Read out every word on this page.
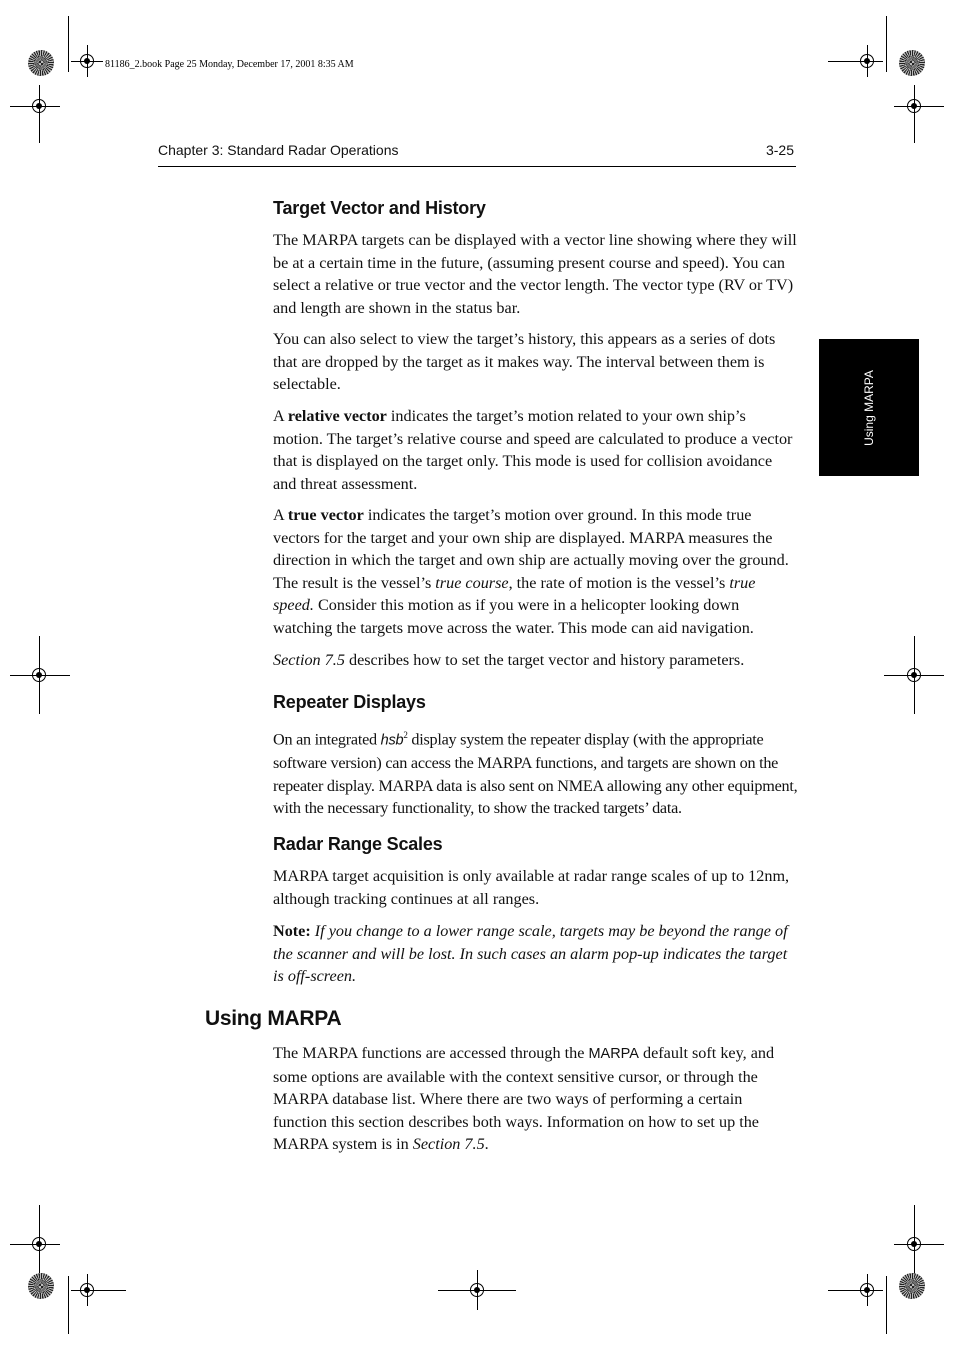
81186_2.book Page 25 Monday, December 17, 2001 8:35 AM
Chapter 3: Standard Radar Operations	3-25
Using MARPA
Target Vector and History

The MARPA targets can be displayed with a vector line showing where they will be at a certain time in the future, (assuming present course and speed). You can select a relative or true vector and the vector length. The vector type (RV or TV) and length are shown in the status bar.

You can also select to view the target’s history, this appears as a series of dots that are dropped by the target as it makes way. The interval between them is selectable.

A relative vector indicates the target’s motion related to your own ship’s motion. The target’s relative course and speed are calculated to produce a vector that is displayed on the target only. This mode is used for collision avoidance and threat assessment.

A true vector indicates the target’s motion over ground. In this mode true vectors for the target and your own ship are displayed. MARPA measures the direction in which the target and own ship are actually moving over the ground. The result is the vessel’s true course, the rate of motion is the vessel’s true speed. Consider this motion as if you were in a helicopter looking down watching the targets move across the water. This mode can aid navigation.

Section 7.5 describes how to set the target vector and history parameters.

Repeater Displays

On an integrated hsb$^2$ display system the repeater display (with the appropriate software version) can access the MARPA functions, and targets are shown on the repeater display. MARPA data is also sent on NMEA allowing any other equipment, with the necessary functionality, to show the tracked targets’ data.

Radar Range Scales

MARPA target acquisition is only available at radar range scales of up to 12nm, although tracking continues at all ranges.

Note: If you change to a lower range scale, targets may be beyond the range of the scanner and will be lost. In such cases an alarm pop-up indicates the target is off-screen.

Using MARPA

The MARPA functions are accessed through the MARPA default soft key, and some options are available with the context sensitive cursor, or through the MARPA database list. Where there are two ways of performing a certain function this section describes both ways. Information on how to set up the MARPA system is in Section 7.5.
